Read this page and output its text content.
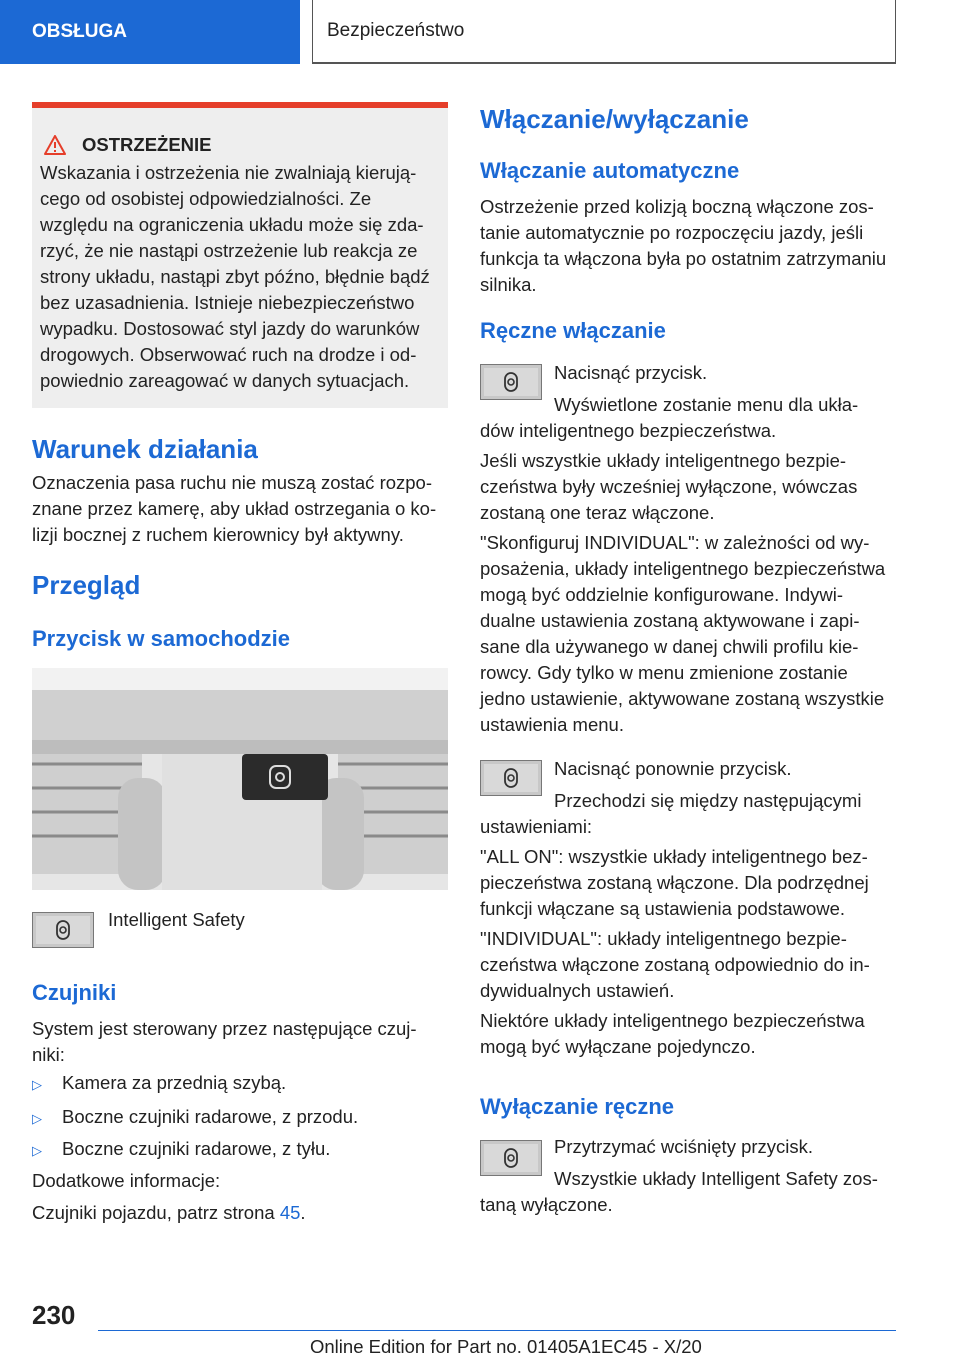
OBSŁUGA	Bezpieczeństwo
OSTRZEŻENIE

Wskazania i ostrzeżenia nie zwalniają kierują-

cego od osobistej odpowiedzialności. Ze

względu na ograniczenia układu może się zda-

rzyć, że nie nastąpi ostrzeżenie lub reakcja ze

strony układu, nastąpi zbyt późno, błędnie bądź

bez uzasadnienia. Istnieje niebezpieczeństwo

wypadku. Dostosować styl jazdy do warunków

drogowych. Obserwować ruch na drodze i od-

powiednio zareagować w danych sytuacjach.

Warunek działania

Oznaczenia pasa ruchu nie muszą zostać rozpo-

znane przez kamerę, aby układ ostrzegania o ko-

lizji bocznej z ruchem kierownicy był aktywny.

Przegląd
Przycisk w samochodzie

Intelligent Safety

Czujniki

System jest sterowany przez następujące czuj-

niki:

▷	Kamera za przednią szybą.

▷	Boczne czujniki radarowe, z przodu.

▷	Boczne czujniki radarowe, z tyłu.

Dodatkowe informacje:

Czujniki pojazdu, patrz strona 45.

Włączanie/wyłączanie
Włączanie automatyczne

Ostrzeżenie przed kolizją boczną włączone zos-

tanie automatycznie po rozpoczęciu jazdy, jeśli

funkcja ta włączona była po ostatnim zatrzymaniu

silnika.

Ręczne włączanie

Nacisnąć przycisk.

Wyświetlone zostanie menu dla ukła-

dów inteligentnego bezpieczeństwa.

Jeśli wszystkie układy inteligentnego bezpie-

czeństwa były wcześniej wyłączone, wówczas

zostaną one teraz włączone.

"Skonfiguruj INDIVIDUAL": w zależności od wy-

posażenia, układy inteligentnego bezpieczeństwa

mogą być oddzielnie konfigurowane. Indywi-

dualne ustawienia zostaną aktywowane i zapi-

sane dla używanego w danej chwili profilu kie-

rowcy. Gdy tylko w menu zmienione zostanie

jedno ustawienie, aktywowane zostaną wszystkie

ustawienia menu.

Nacisnąć ponownie przycisk.

Przechodzi się między następującymi

ustawieniami:

"ALL ON": wszystkie układy inteligentnego bez-

pieczeństwa zostaną włączone. Dla podrzędnej

funkcji włączane są ustawienia podstawowe.

"INDIVIDUAL": układy inteligentnego bezpie-

czeństwa włączone zostaną odpowiednio do in-

dywidualnych ustawień.

Niektóre układy inteligentnego bezpieczeństwa

mogą być wyłączane pojedynczo.

Wyłączanie ręczne

Przytrzymać wciśnięty przycisk.

Wszystkie układy Intelligent Safety zos-

taną wyłączone.

230
Online Edition for Part no. 01405A1EC45 - X/20
